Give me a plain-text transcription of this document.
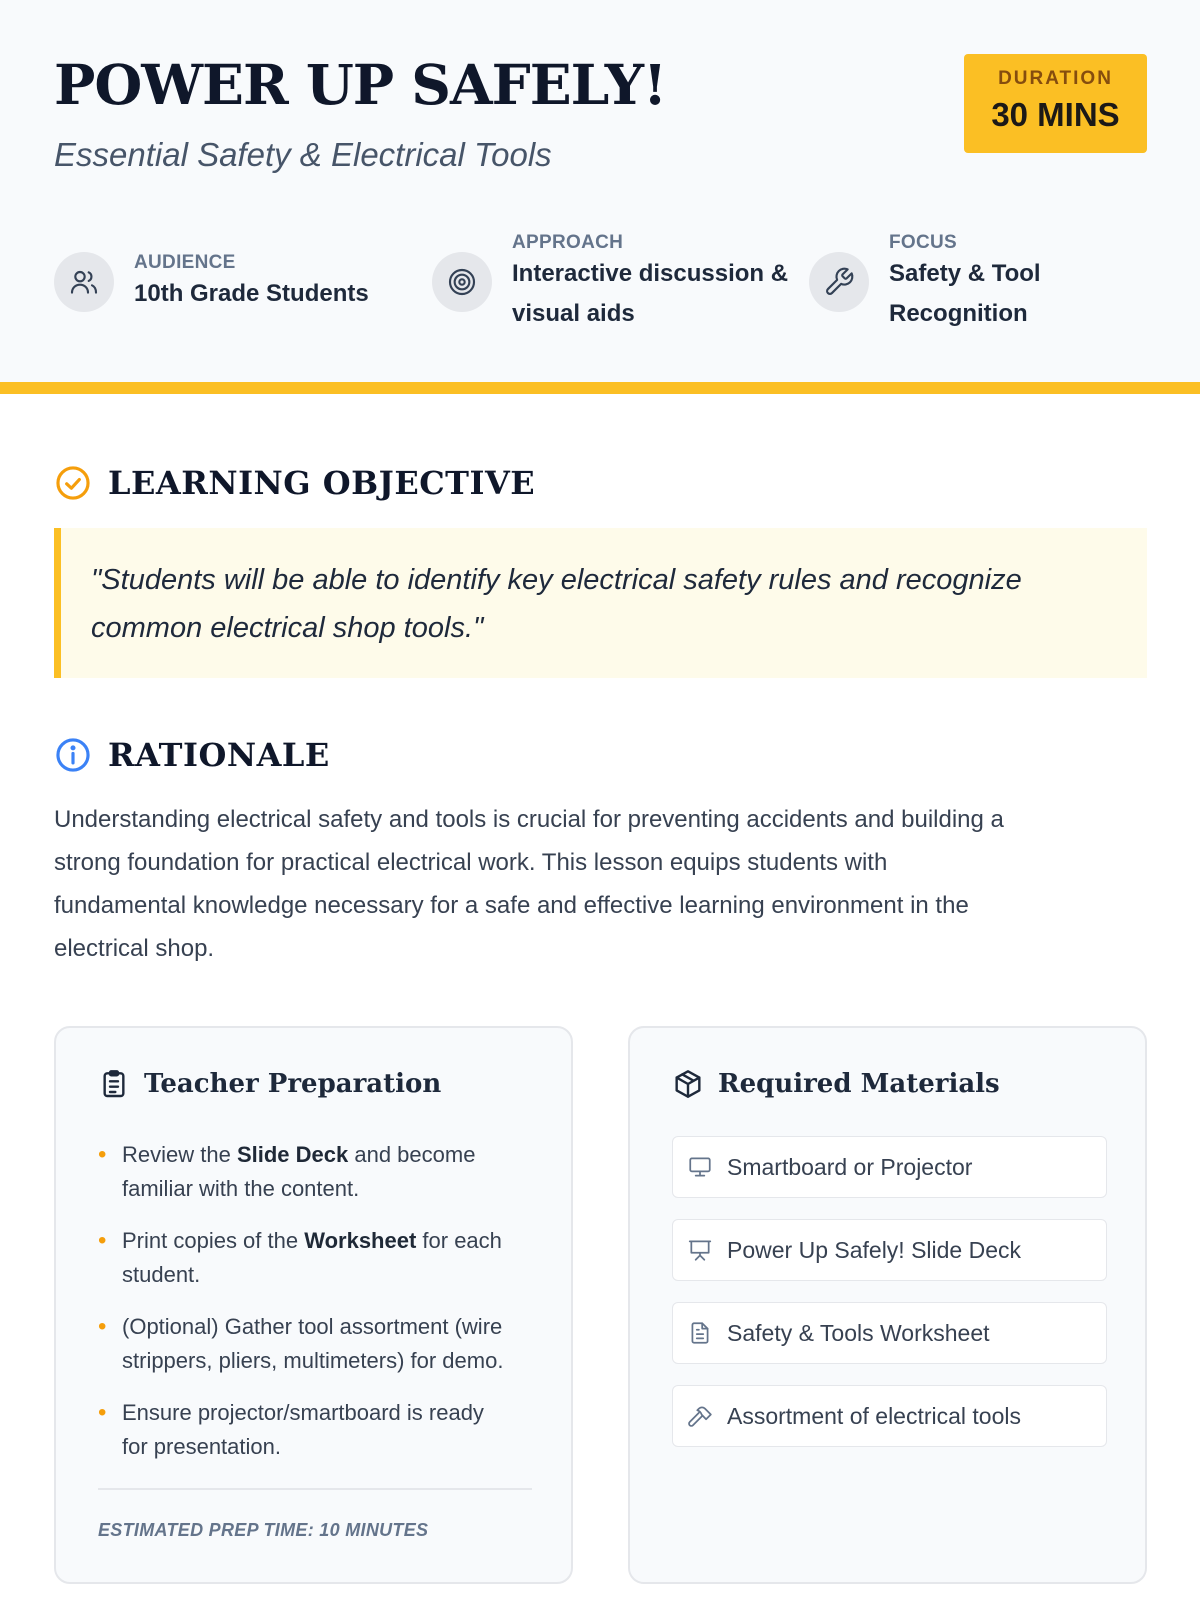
POWER UP SAFELY!
Essential Safety & Electrical Tools
DURATION
30 MINS
AUDIENCE
10th Grade Students
APPROACH
Interactive discussion &
visual aids
FOCUS
Safety & Tool
Recognition
LEARNING OBJECTIVE
"Students will be able to identify key electrical safety rules and recognize
common electrical shop tools."
RATIONALE
Understanding electrical safety and tools is crucial for preventing accidents and building a
strong foundation for practical electrical work. This lesson equips students with
fundamental knowledge necessary for a safe and effective learning environment in the
electrical shop.
Teacher Preparation
• Review the Slide Deck and become
familiar with the content.
• Print copies of the Worksheet for each
student.
• (Optional) Gather tool assortment (wire
strippers, pliers, multimeters) for demo.
• Ensure projector/smartboard is ready
for presentation.
ESTIMATED PREP TIME: 10 MINUTES
Required Materials
Smartboard or Projector
Power Up Safely! Slide Deck
Safety & Tools Worksheet
Assortment of electrical tools
